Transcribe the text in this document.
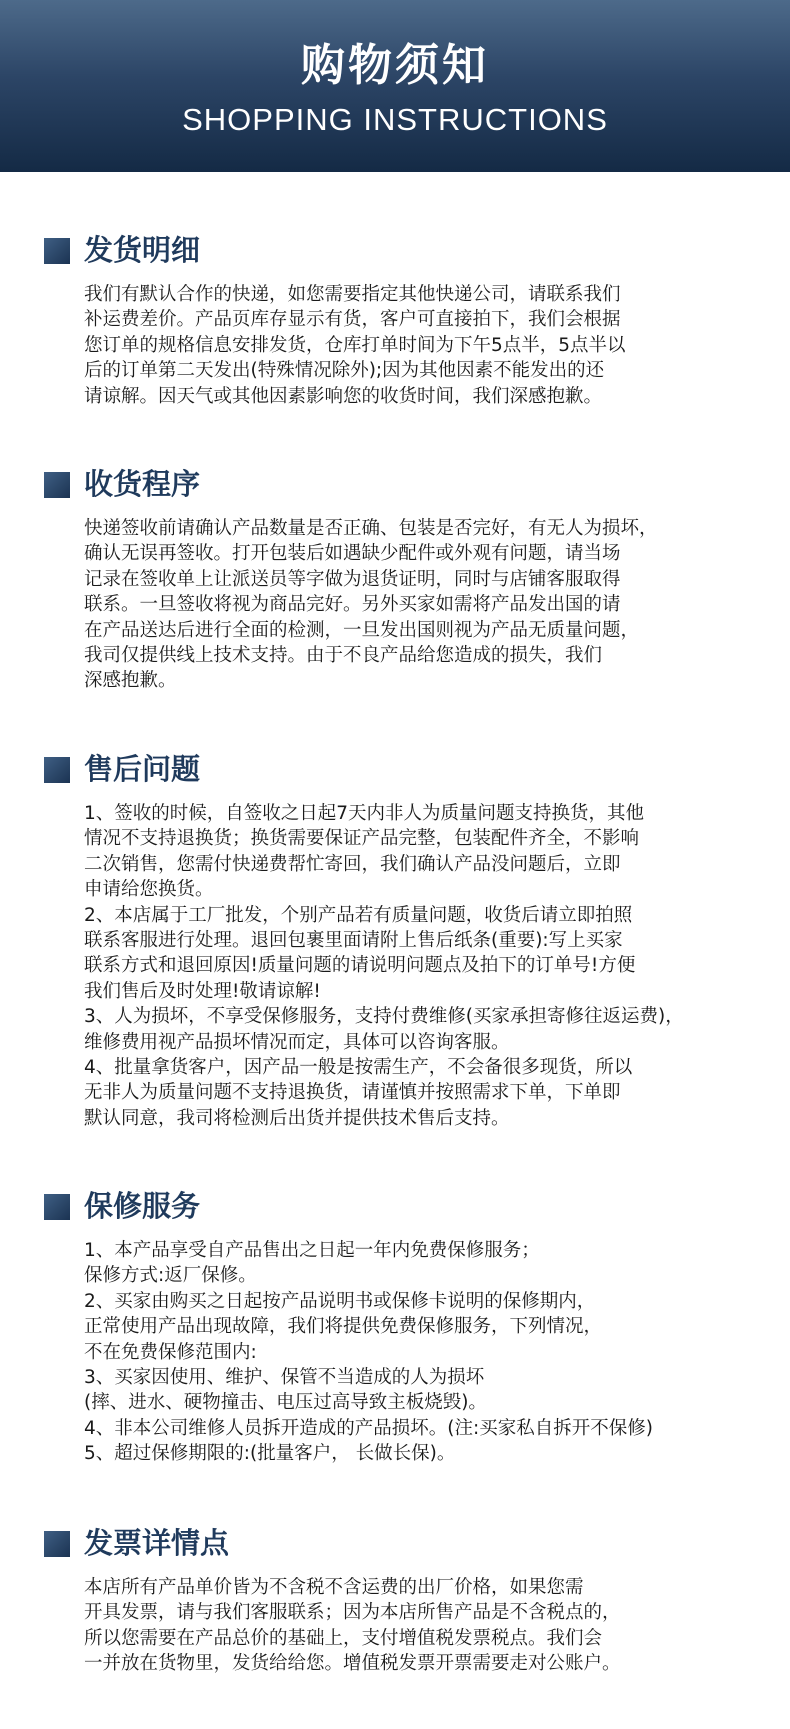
购物须知
SHOPPING INSTRUCTIONS
发货明细
我们有默认合作的快递，如您需要指定其他快递公司，请联系我们
补运费差价。产品页库存显示有货，客户可直接拍下，我们会根据
您订单的规格信息安排发货，仓库打单时间为下午5点半，5点半以
后的订单第二天发出(特殊情况除外);因为其他因素不能发出的还
请谅解。因天气或其他因素影响您的收货时间，我们深感抱歉。
收货程序
快递签收前请确认产品数量是否正确、包装是否完好，有无人为损坏，
确认无误再签收。打开包装后如遇缺少配件或外观有问题，请当场
记录在签收单上让派送员等字做为退货证明，同时与店铺客服取得
联系。一旦签收将视为商品完好。另外买家如需将产品发出国的请
在产品送达后进行全面的检测，一旦发出国则视为产品无质量问题，
我司仅提供线上技术支持。由于不良产品给您造成的损失，我们
深感抱歉。
售后问题
1、签收的时候，自签收之日起7天内非人为质量问题支持换货，其他
情况不支持退换货；换货需要保证产品完整，包装配件齐全，不影响
二次销售，您需付快递费帮忙寄回，我们确认产品没问题后，立即
申请给您换货。
2、本店属于工厂批发，个别产品若有质量问题，收货后请立即拍照
联系客服进行处理。退回包裹里面请附上售后纸条(重要):写上买家
联系方式和退回原因!质量问题的请说明问题点及拍下的订单号!方便
我们售后及时处理!敬请谅解!
3、人为损坏，不享受保修服务，支持付费维修(买家承担寄修往返运费)，
维修费用视产品损坏情况而定，具体可以咨询客服。
4、批量拿货客户，因产品一般是按需生产，不会备很多现货，所以
无非人为质量问题不支持退换货，请谨慎并按照需求下单，下单即
默认同意，我司将检测后出货并提供技术售后支持。
保修服务
1、本产品享受自产品售出之日起一年内免费保修服务；
保修方式:返厂保修。
2、买家由购买之日起按产品说明书或保修卡说明的保修期内，
正常使用产品出现故障，我们将提供免费保修服务，下列情况，
不在免费保修范围内:
3、买家因使用、维护、保管不当造成的人为损坏
(摔、进水、硬物撞击、电压过高导致主板烧毁)。
4、非本公司维修人员拆开造成的产品损坏。(注:买家私自拆开不保修)
5、超过保修期限的:(批量客户， 长做长保)。
发票详情点
本店所有产品单价皆为不含税不含运费的出厂价格，如果您需
开具发票，请与我们客服联系；因为本店所售产品是不含税点的，
所以您需要在产品总价的基础上，支付增值税发票税点。我们会
一并放在货物里，发货给给您。增值税发票开票需要走对公账户。
